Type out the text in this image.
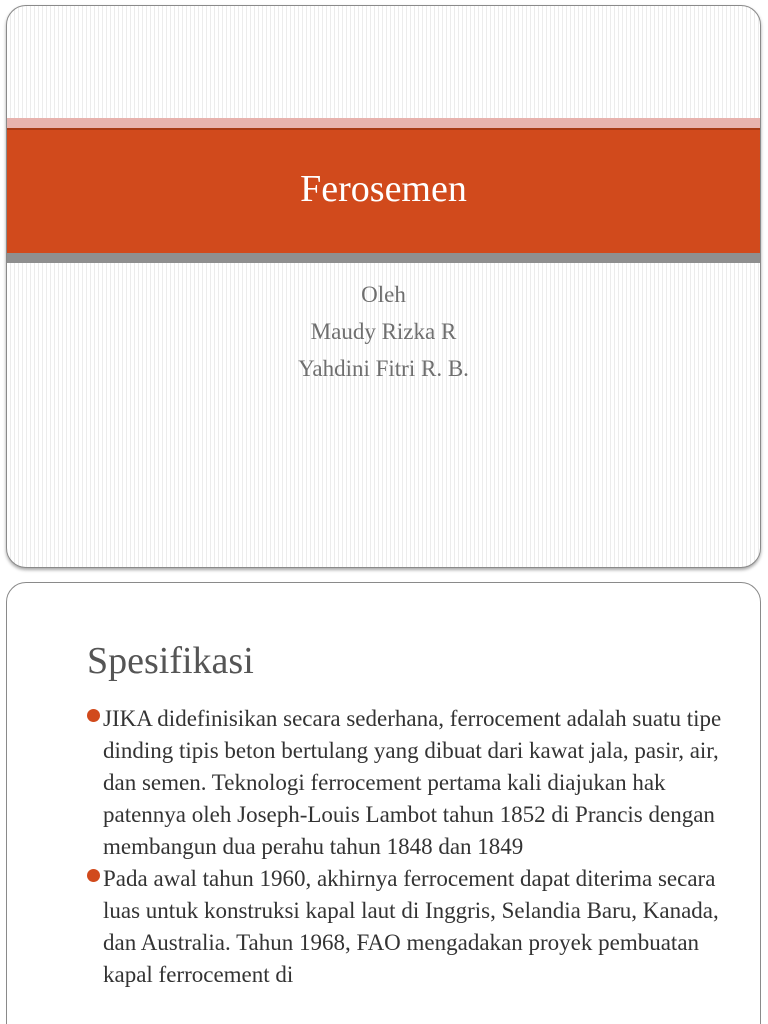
Ferosemen
Oleh
Maudy Rizka R
Yahdini Fitri R. B.
Spesifikasi
JIKA didefinisikan secara sederhana, ferrocement adalah suatu tipe dinding tipis beton bertulang yang dibuat dari kawat jala, pasir, air, dan semen. Teknologi ferrocement pertama kali diajukan hak patennya oleh Joseph-Louis Lambot tahun 1852 di Prancis dengan membangun dua perahu tahun 1848 dan 1849
Pada awal tahun 1960, akhirnya ferrocement dapat diterima secara luas untuk konstruksi kapal laut di Inggris, Selandia Baru, Kanada, dan Australia. Tahun 1968, FAO mengadakan proyek pembuatan kapal ferrocement di
